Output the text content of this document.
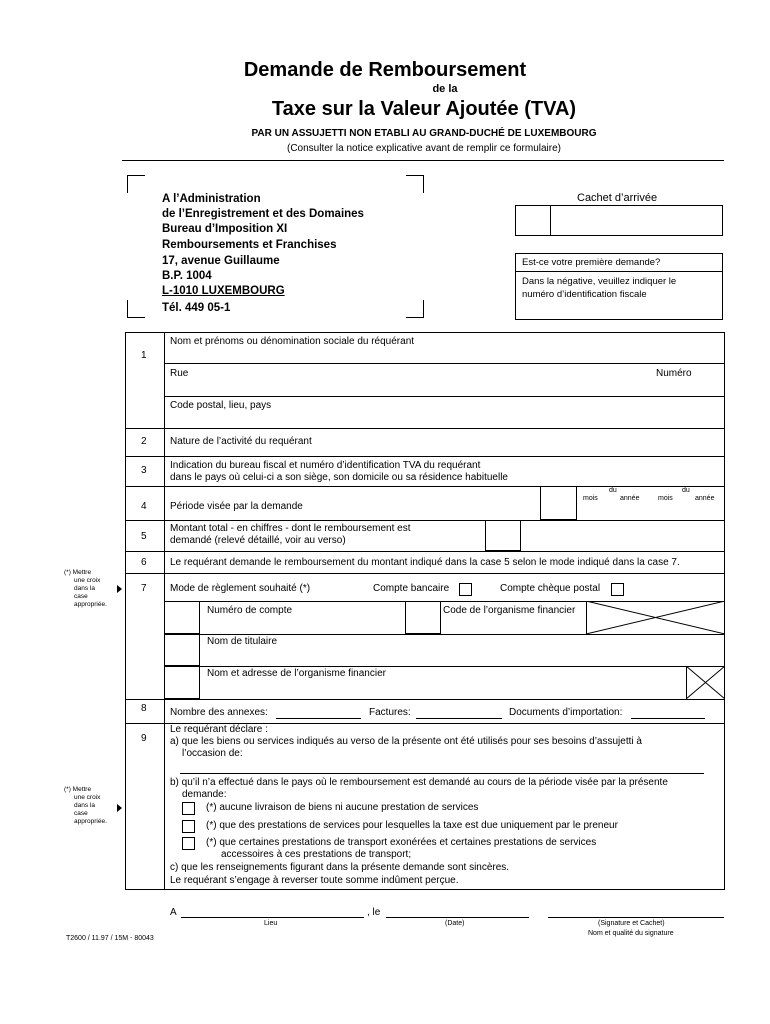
Demande de Remboursement
de la
Taxe sur la Valeur Ajoutée (TVA)
PAR UN ASSUJETTI NON ETABLI AU GRAND-DUCHÉ DE LUXEMBOURG
(Consulter la notice explicative avant de remplir ce formulaire)
A l’Administration
de l’Enregistrement et des Domaines
Bureau d’Imposition XI
Remboursements et Franchises
17, avenue Guillaume
B.P. 1004
L-1010 LUXEMBOURG
Tél. 449 05-1
Cachet d’arrivée
Est-ce votre première demande?
Dans la négative, veuillez indiquer le
numéro d’identification fiscale
1
Nom et prénoms ou dénomination sociale du réquérant
Rue	Numéro
Code postal, lieu, pays
2 Nature de l’activité du requérant
3 Indication du bureau fiscal et numéro d’identification TVA du requérant
dans le pays où celui-ci a son siège, son domicile ou sa résidence habituelle
4 Période visée par la demande
du
mois	année
du
mois	année
5
Montant total - en chiffres - dont le remboursement est
demandé (relevé détaillé, voir au verso)
6 Le requérant demande le remboursement du montant indiqué dans la case 5 selon le mode indiqué dans la case 7.
(*) Mettre
une croix
dans la
case
appropriée.
7 Mode de règlement souhaité (*)	Compte bancaire	Compte chèque postal
Numéro de compte	Code de l’organisme financier
Nom de titulaire
Nom et adresse de l’organisme financier
8 Nombre des annexes:	Factures:	Documents d’importation:
9
Le requérant déclare :
a) que les biens ou services indiqués au verso de la présente ont été utilisés pour ses besoins d’assujetti à
l’occasion de:
b) qu’il n’a effectué dans le pays où le remboursement est demandé au cours de la période visée par la présente
demande:
(*) aucune livraison de biens ni aucune prestation de services
(*) que des prestations de services pour lesquelles la taxe est due uniquement par le preneur
(*) que certaines prestations de transport exonérées et certaines prestations de services
accessoires à ces prestations de transport;
c) que les renseignements figurant dans la présente demande sont sincères.
Le requérant s’engage à reverser toute somme indûment perçue.
(*) Mettre
une croix
dans la
case
appropriée.
A	, le
Lieu	(Date)	(Signature et Cachet)
Nom et qualité du signature
T2600 / 11.97 / 15M - 80043
